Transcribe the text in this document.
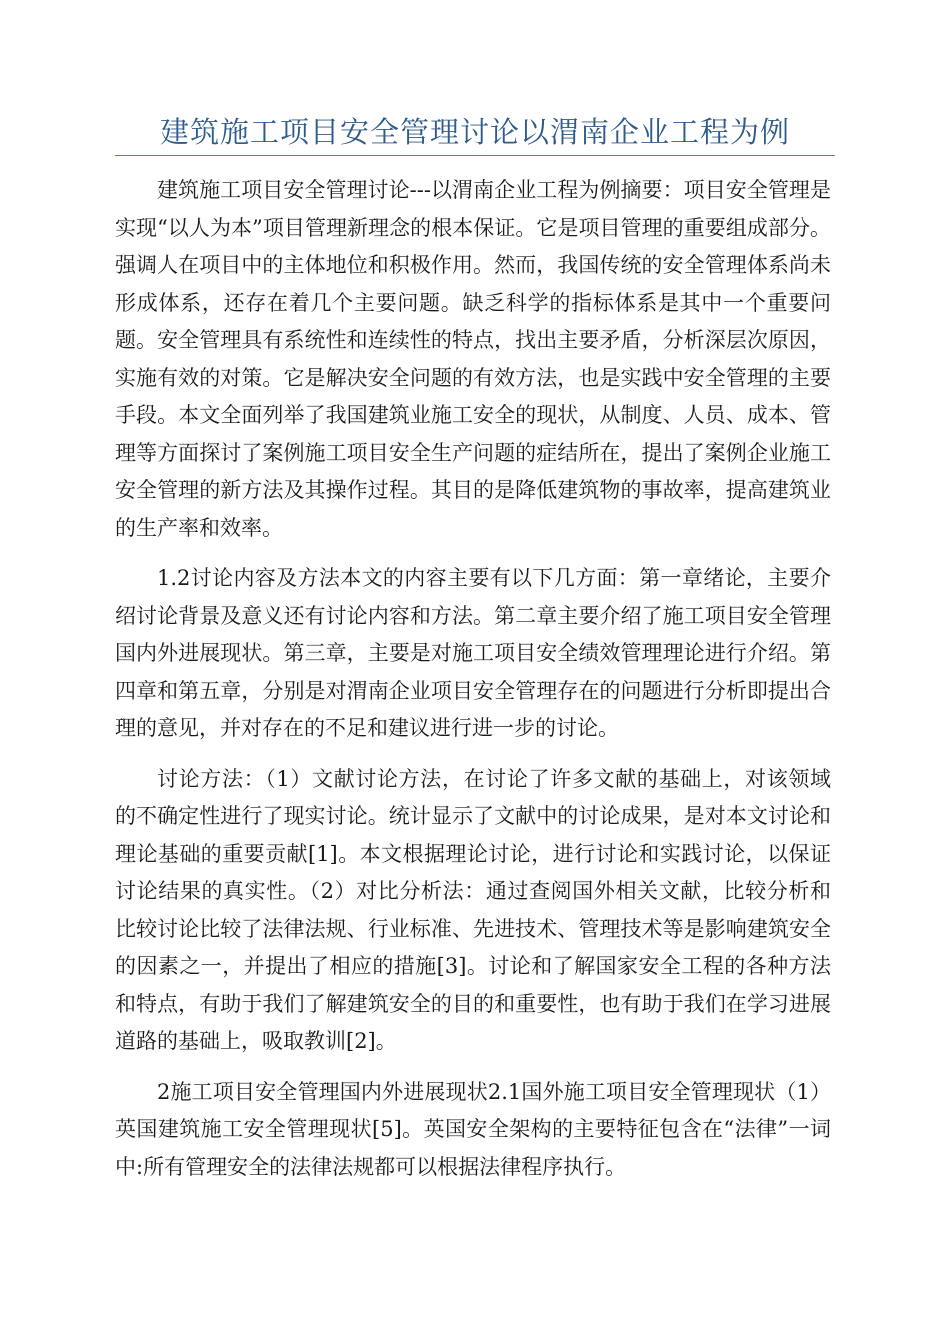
建筑施工项目安全管理讨论以渭南企业工程为例

建筑施工项目安全管理讨论---以渭南企业工程为例摘要：项目安全管理是实现“以人为本”项目管理新理念的根本保证。它是项目管理的重要组成部分。强调人在项目中的主体地位和积极作用。然而，我国传统的安全管理体系尚未形成体系，还存在着几个主要问题。缺乏科学的指标体系是其中一个重要问题。安全管理具有系统性和连续性的特点，找出主要矛盾，分析深层次原因，实施有效的对策。它是解决安全问题的有效方法，也是实践中安全管理的主要手段。本文全面列举了我国建筑业施工安全的现状，从制度、人员、成本、管理等方面探讨了案例施工项目安全生产问题的症结所在，提出了案例企业施工安全管理的新方法及其操作过程。其目的是降低建筑物的事故率，提高建筑业的生产率和效率。

1.2讨论内容及方法本文的内容主要有以下几方面：第一章绪论，主要介绍讨论背景及意义还有讨论内容和方法。第二章主要介绍了施工项目安全管理国内外进展现状。第三章，主要是对施工项目安全绩效管理理论进行介绍。第四章和第五章，分别是对渭南企业项目安全管理存在的问题进行分析即提出合理的意见，并对存在的不足和建议进行进一步的讨论。

讨论方法：（1）文献讨论方法，在讨论了许多文献的基础上，对该领域的不确定性进行了现实讨论。统计显示了文献中的讨论成果，是对本文讨论和理论基础的重要贡献[1]。本文根据理论讨论，进行讨论和实践讨论，以保证讨论结果的真实性。（2）对比分析法：通过查阅国外相关文献，比较分析和比较讨论比较了法律法规、行业标准、先进技术、管理技术等是影响建筑安全的因素之一，并提出了相应的措施[3]。讨论和了解国家安全工程的各种方法和特点，有助于我们了解建筑安全的目的和重要性，也有助于我们在学习进展道路的基础上，吸取教训[2]。

2施工项目安全管理国内外进展现状2.1国外施工项目安全管理现状（1）英国建筑施工安全管理现状[5]。英国安全架构的主要特征包含在“法律”一词中:所有管理安全的法律法规都可以根据法律程序执行。
